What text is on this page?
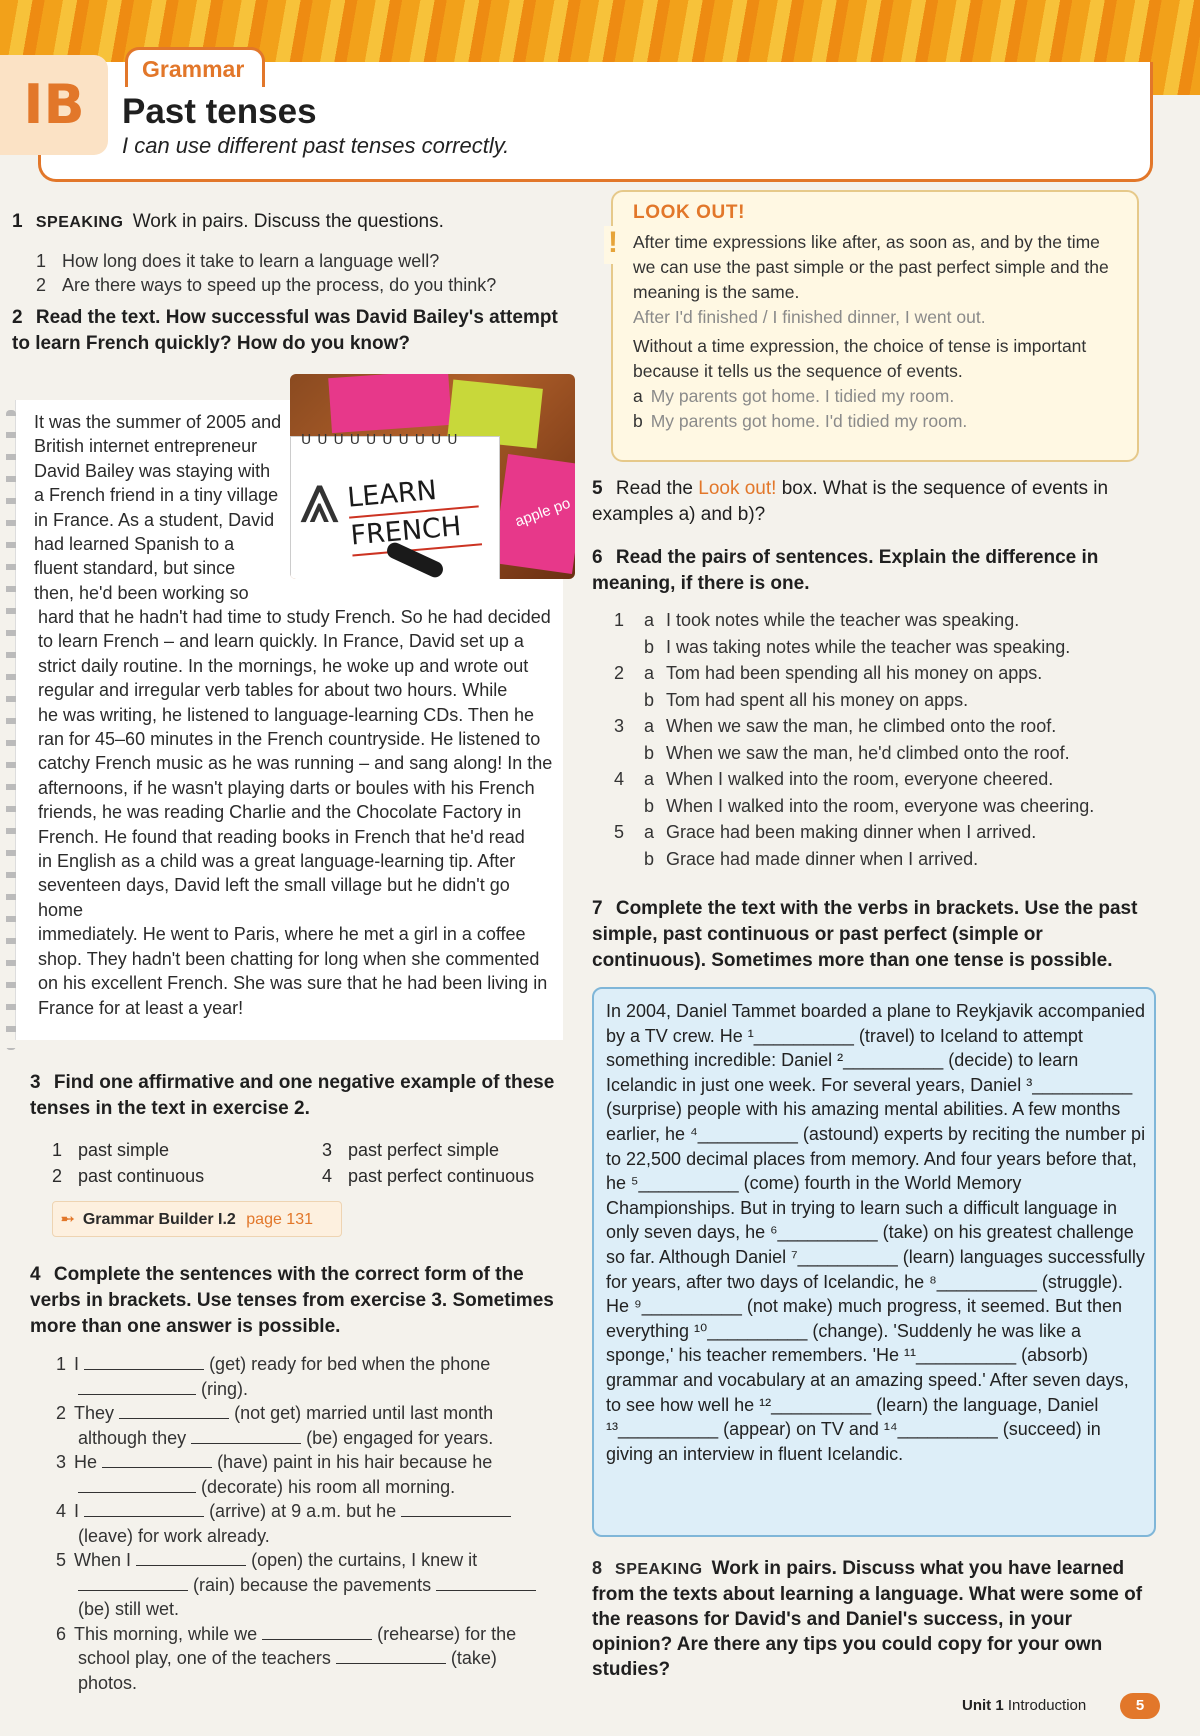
IB
Grammar
Past tenses
I can use different past tenses correctly.
1 SPEAKING Work in pairs. Discuss the questions.
1 How long does it take to learn a language well?
2 Are there ways to speed up the process, do you think?
2 Read the text. How successful was David Bailey's attempt to learn French quickly? How do you know?
apple po
ᑌᑌᑌᑌᑌᑌᑌᑌᑌᑌ
⩓ LEARN
FRENCH
It was the summer of 2005 and
British internet entrepreneur
David Bailey was staying with
a French friend in a tiny village
in France. As a student, David
had learned Spanish to a
fluent standard, but since
then, he'd been working so
hard that he hadn't had time to study French. So he had decided
to learn French – and learn quickly. In France, David set up a
strict daily routine. In the mornings, he woke up and wrote out
regular and irregular verb tables for about two hours. While
he was writing, he listened to language-learning CDs. Then he
ran for 45–60 minutes in the French countryside. He listened to
catchy French music as he was running – and sang along! In the
afternoons, if he wasn't playing darts or boules with his French
friends, he was reading Charlie and the Chocolate Factory in
French. He found that reading books in French that he'd read
in English as a child was a great language-learning tip. After
seventeen days, David left the small village but he didn't go home
immediately. He went to Paris, where he met a girl in a coffee
shop. They hadn't been chatting for long when she commented
on his excellent French. She was sure that he had been living in
France for at least a year!
3 Find one affirmative and one negative example of these tenses in the text in exercise 2.
1 past simple	3 past perfect simple
2 past continuous	4 past perfect continuous
➸ Grammar Builder I.2 page 131
4 Complete the sentences with the correct form of the verbs in brackets. Use tenses from exercise 3. Sometimes more than one answer is possible.
1 I	(get) ready for bed when the phone
(ring).
2 They	(not get) married until last month
although they	(be) engaged for years.
3 He	(have) paint in his hair because he
(decorate) his room all morning.
4 I	(arrive) at 9 a.m. but he
(leave) for work already.
5 When I	(open) the curtains, I knew it
(rain) because the pavements
(be) still wet.
6 This morning, while we	(rehearse) for the
school play, one of the teachers	(take)
photos.
!
LOOK OUT!
After time expressions like after, as soon as, and by the time we can use the past simple or the past perfect simple and the meaning is the same.
After I'd finished / I finished dinner, I went out.
Without a time expression, the choice of tense is important because it tells us the sequence of events.
a My parents got home. I tidied my room.
b My parents got home. I'd tidied my room.
5 Read the Look out! box. What is the sequence of events in examples a) and b)?
6 Read the pairs of sentences. Explain the difference in meaning, if there is one.
1	a I took notes while the teacher was speaking.
b I was taking notes while the teacher was speaking.
2	a Tom had been spending all his money on apps.
b Tom had spent all his money on apps.
3	a When we saw the man, he climbed onto the roof.
b When we saw the man, he'd climbed onto the roof.
4	a When I walked into the room, everyone cheered.
b When I walked into the room, everyone was cheering.
5	a Grace had been making dinner when I arrived.
b Grace had made dinner when I arrived.
7 Complete the text with the verbs in brackets. Use the past simple, past continuous or past perfect (simple or continuous). Sometimes more than one tense is possible.
In 2004, Daniel Tammet boarded a plane to Reykjavik accompanied by a TV crew. He ¹__________ (travel) to Iceland to attempt something incredible: Daniel ²__________ (decide) to learn Icelandic in just one week. For several years, Daniel ³__________ (surprise) people with his amazing mental abilities. A few months earlier, he ⁴__________ (astound) experts by reciting the number pi to 22,500 decimal places from memory. And four years before that, he ⁵__________ (come) fourth in the World Memory Championships. But in trying to learn such a difficult language in only seven days, he ⁶__________ (take) on his greatest challenge so far. Although Daniel ⁷__________ (learn) languages successfully for years, after two days of Icelandic, he ⁸__________ (struggle). He ⁹__________ (not make) much progress, it seemed. But then everything ¹⁰__________ (change). 'Suddenly he was like a sponge,' his teacher remembers. 'He ¹¹__________ (absorb) grammar and vocabulary at an amazing speed.' After seven days, to see how well he ¹²__________ (learn) the language, Daniel ¹³__________ (appear) on TV and ¹⁴__________ (succeed) in giving an interview in fluent Icelandic.
8 SPEAKING Work in pairs. Discuss what you have learned from the texts about learning a language. What were some of the reasons for David's and Daniel's success, in your opinion? Are there any tips you could copy for your own studies?
Unit 1 Introduction	5
